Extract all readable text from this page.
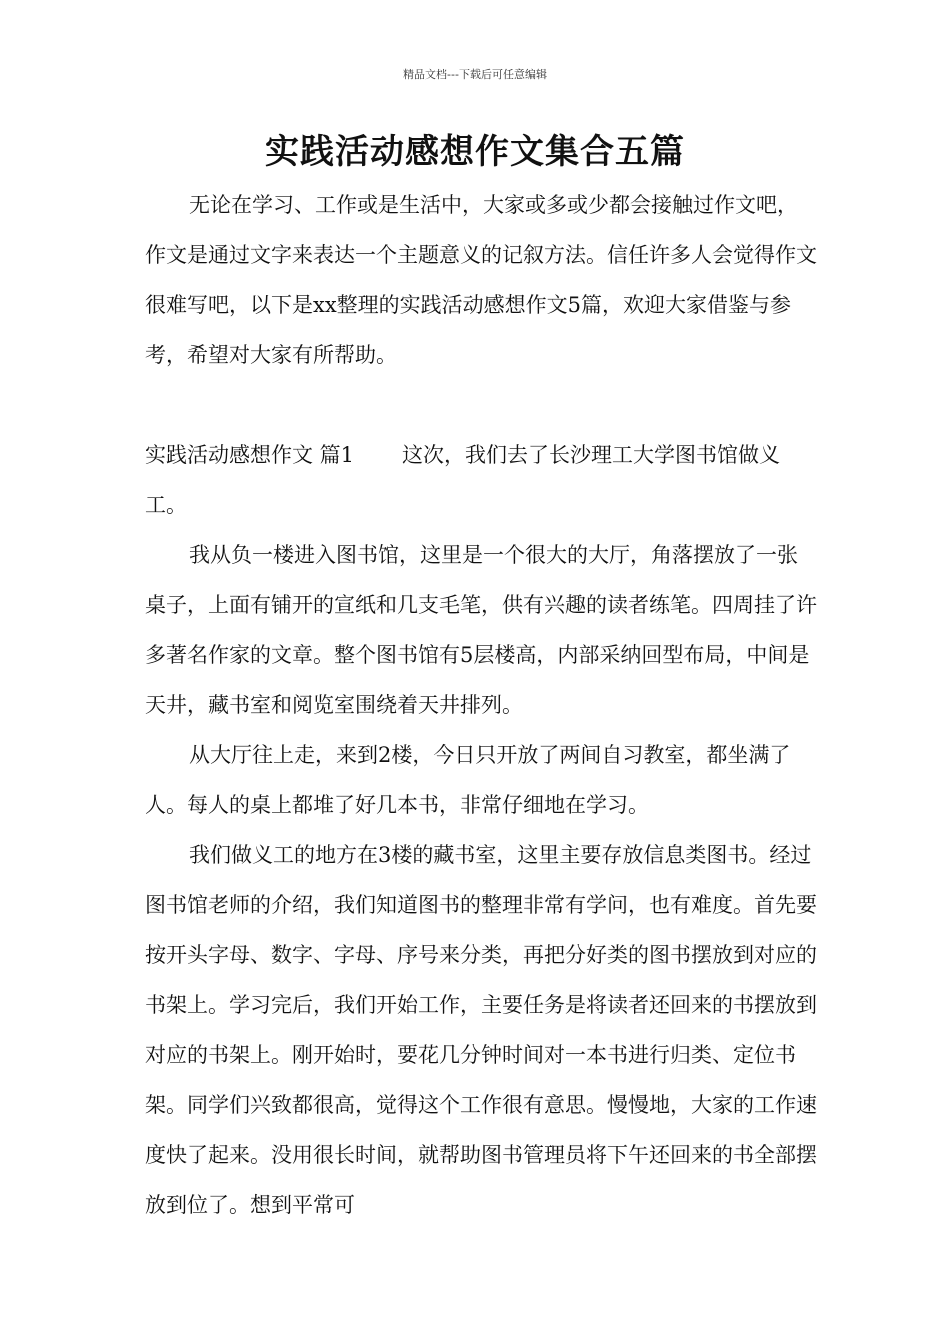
精品文档---下载后可任意编辑
实践活动感想作文集合五篇

无论在学习、工作或是生活中，大家或多或少都会接触过作文吧，作文是通过文字来表达一个主题意义的记叙方法。信任许多人会觉得作文很难写吧，以下是xx整理的实践活动感想作文5篇，欢迎大家借鉴与参考，希望对大家有所帮助。

实践活动感想作文 篇1 这次，我们去了长沙理工大学图书馆做义工。

我从负一楼进入图书馆，这里是一个很大的大厅，角落摆放了一张桌子，上面有铺开的宣纸和几支毛笔，供有兴趣的读者练笔。四周挂了许多著名作家的文章。整个图书馆有5层楼高，内部采纳回型布局，中间是天井，藏书室和阅览室围绕着天井排列。

从大厅往上走，来到2楼，今日只开放了两间自习教室，都坐满了人。每人的桌上都堆了好几本书，非常仔细地在学习。

我们做义工的地方在3楼的藏书室，这里主要存放信息类图书。经过图书馆老师的介绍，我们知道图书的整理非常有学问，也有难度。首先要按开头字母、数字、字母、序号来分类，再把分好类的图书摆放到对应的书架上。学习完后，我们开始工作，主要任务是将读者还回来的书摆放到对应的书架上。刚开始时，要花几分钟时间对一本书进行归类、定位书架。同学们兴致都很高，觉得这个工作很有意思。慢慢地，大家的工作速度快了起来。没用很长时间，就帮助图书管理员将下午还回来的书全部摆放到位了。想到平常可
